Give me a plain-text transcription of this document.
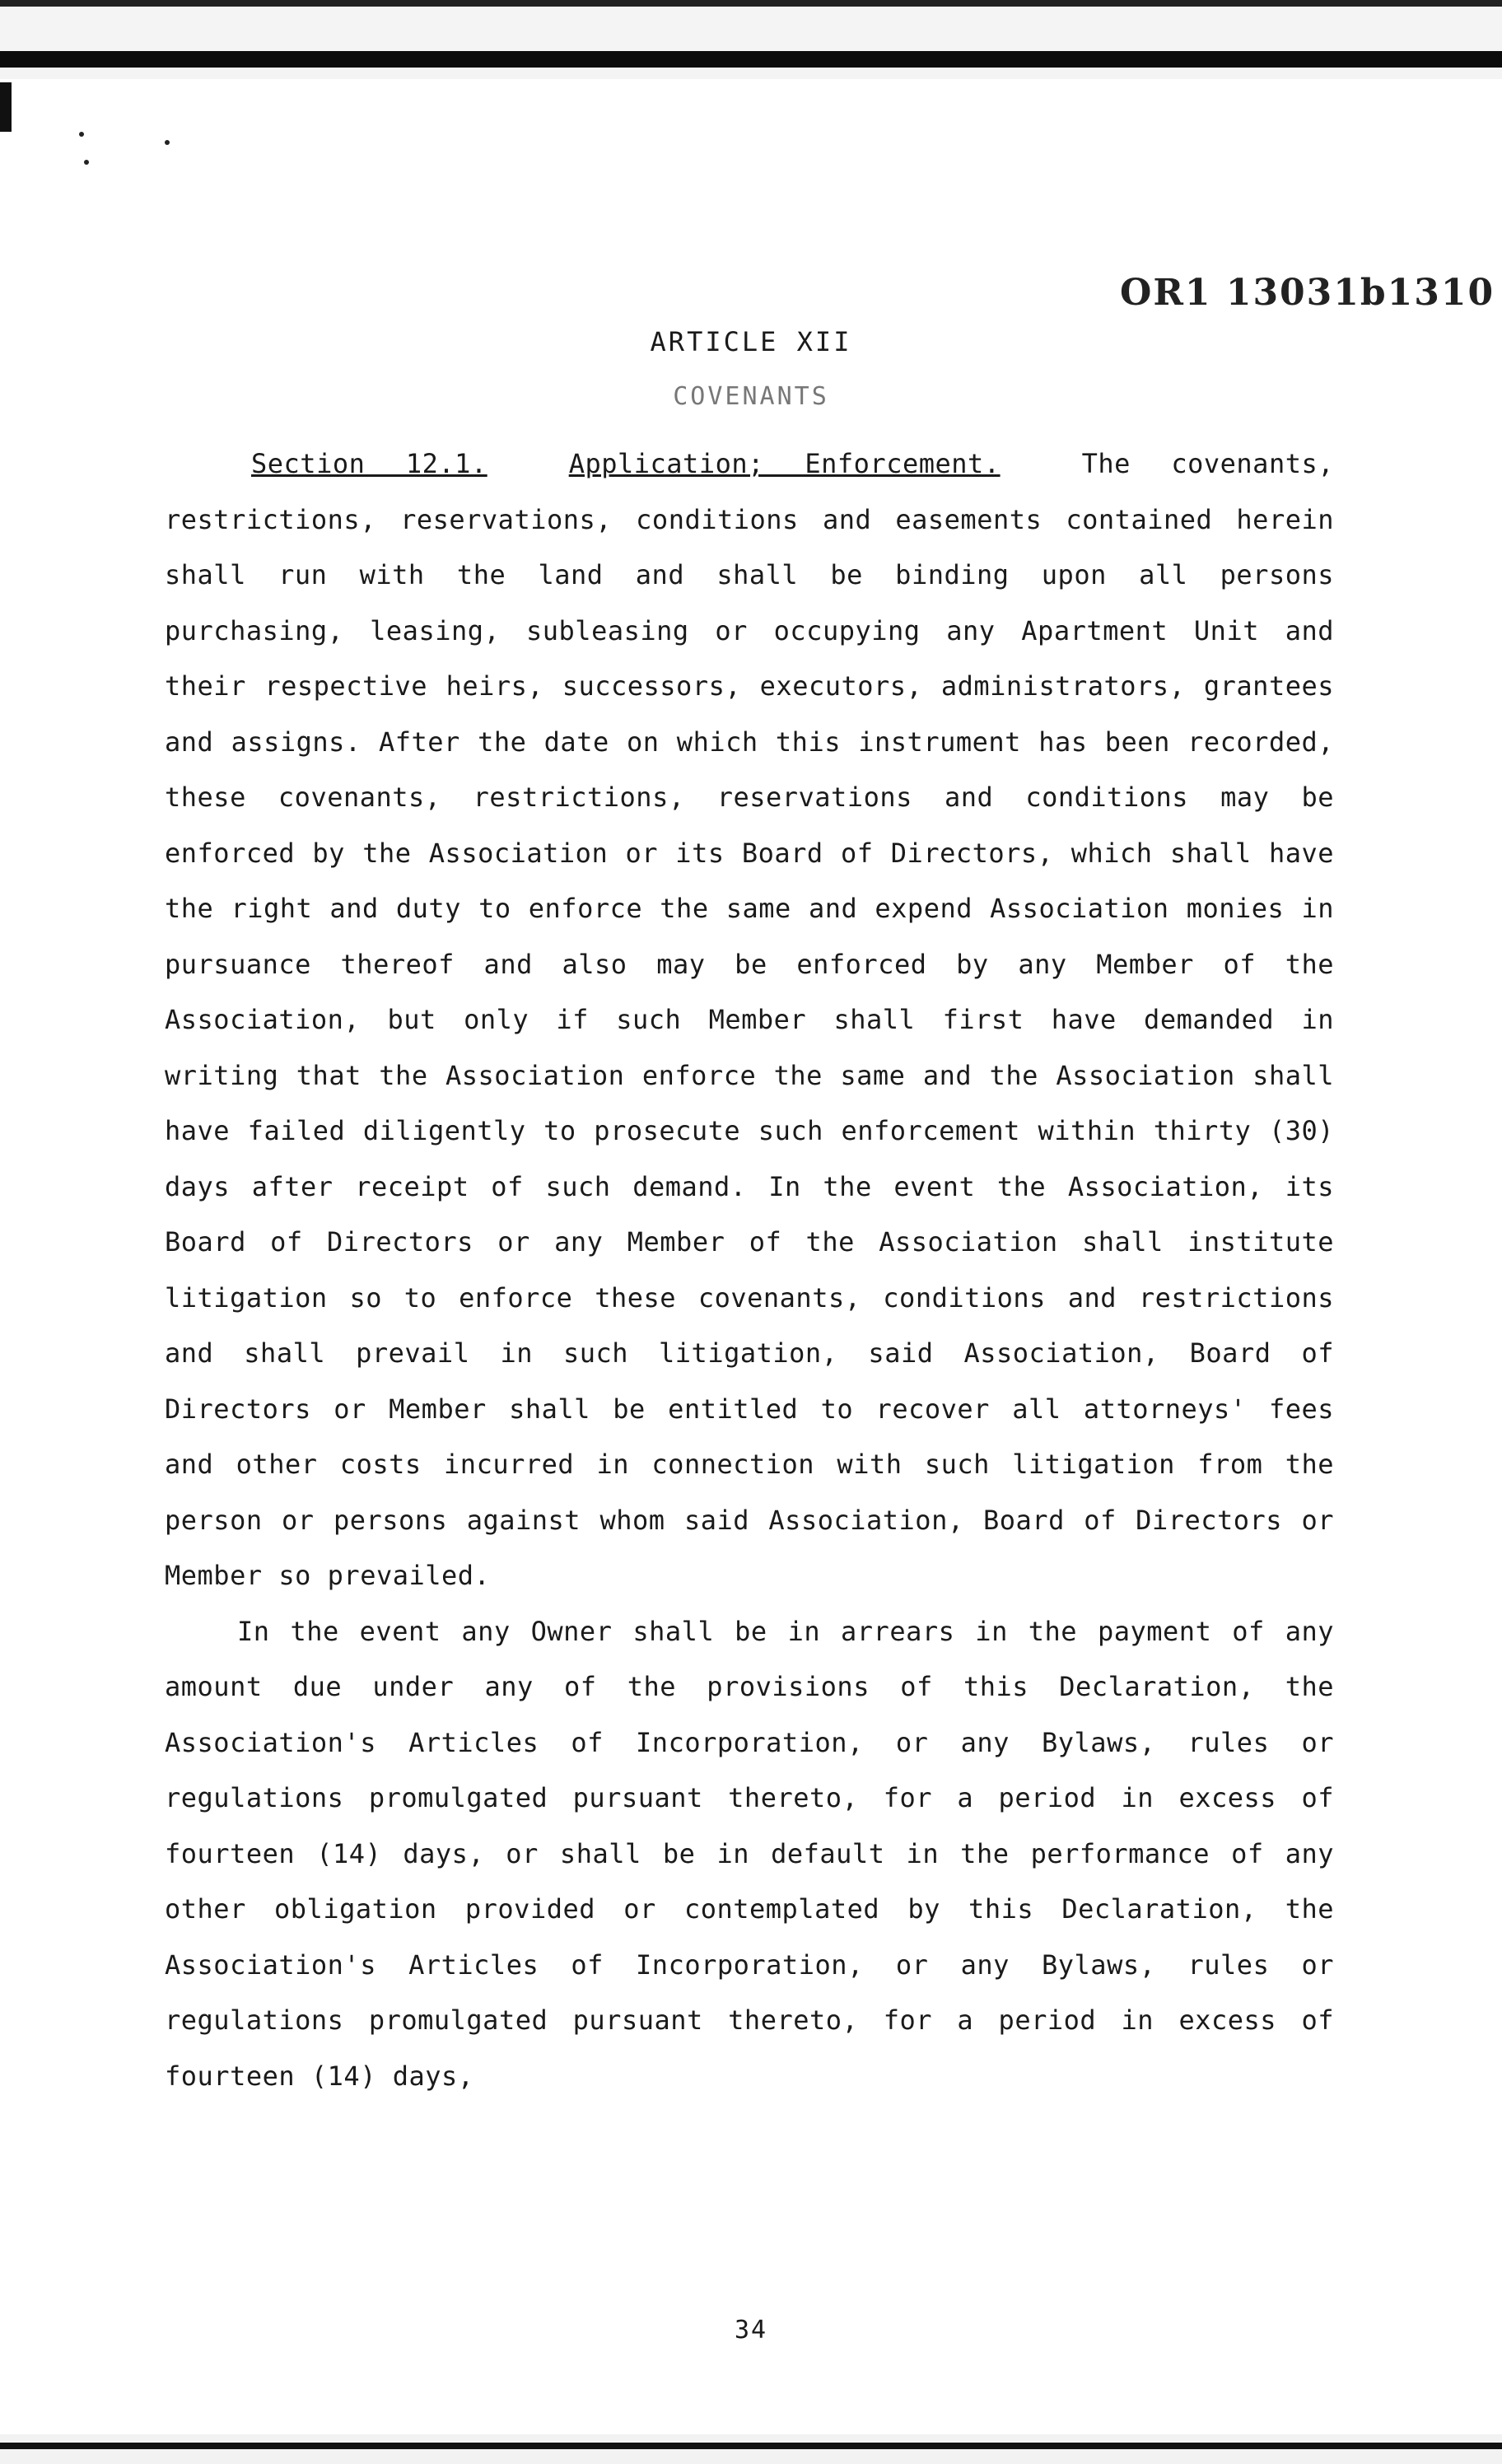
OR1 13031b1310
ARTICLE XII
COVENANTS

Section 12.1.	Application; Enforcement.	The covenants, restrictions, reservations, conditions and easements contained herein shall run with the land and shall be binding upon all persons purchasing, leasing, subleasing or occupying any Apartment Unit and their respective heirs, successors, executors, administrators, grantees and assigns. After the date on which this instrument has been recorded, these covenants, restrictions, reservations and conditions may be enforced by the Association or its Board of Directors, which shall have the right and duty to enforce the same and expend Association monies in pursuance thereof and also may be enforced by any Member of the Association, but only if such Member shall first have demanded in writing that the Association enforce the same and the Association shall have failed diligently to prosecute such enforcement within thirty (30) days after receipt of such demand. In the event the Association, its Board of Directors or any Member of the Association shall institute litigation so to enforce these covenants, conditions and restrictions and shall prevail in such litigation, said Association, Board of Directors or Member shall be entitled to recover all attorneys' fees and other costs incurred in connection with such litigation from the person or persons against whom said Association, Board of Directors or Member so prevailed.

In the event any Owner shall be in arrears in the payment of any amount due under any of the provisions of this Declaration, the Association's Articles of Incorporation, or any Bylaws, rules or regulations promulgated pursuant thereto, for a period in excess of fourteen (14) days, or shall be in default in the performance of any other obligation provided or contemplated by this Declaration, the Association's Articles of Incorporation, or any Bylaws, rules or regulations promulgated pursuant thereto, for a period in excess of fourteen (14) days,

34
